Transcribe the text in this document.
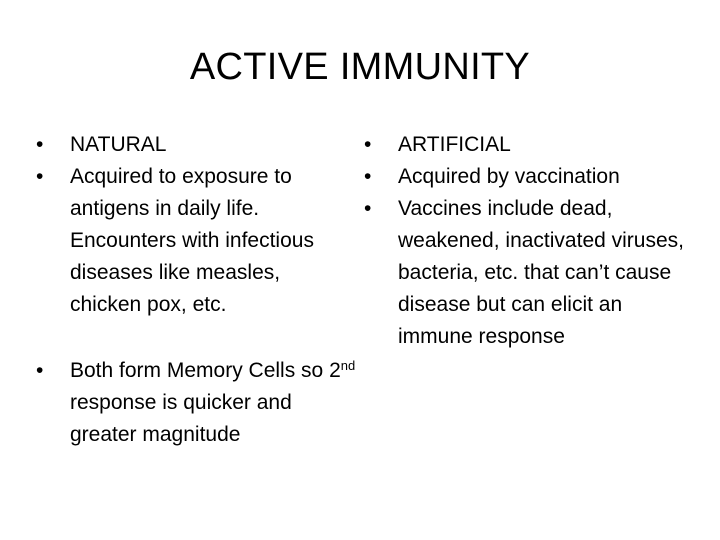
ACTIVE IMMUNITY
•	NATURAL
•	Acquired to exposure to antigens in daily life. Encounters with infectious diseases like measles, chicken pox, etc.
•	Both form Memory Cells so 2nd response is quicker and greater magnitude
•	ARTIFICIAL
•	Acquired by vaccination
•	Vaccines include dead, weakened, inactivated viruses, bacteria, etc. that can’t cause disease but can elicit an immune response
